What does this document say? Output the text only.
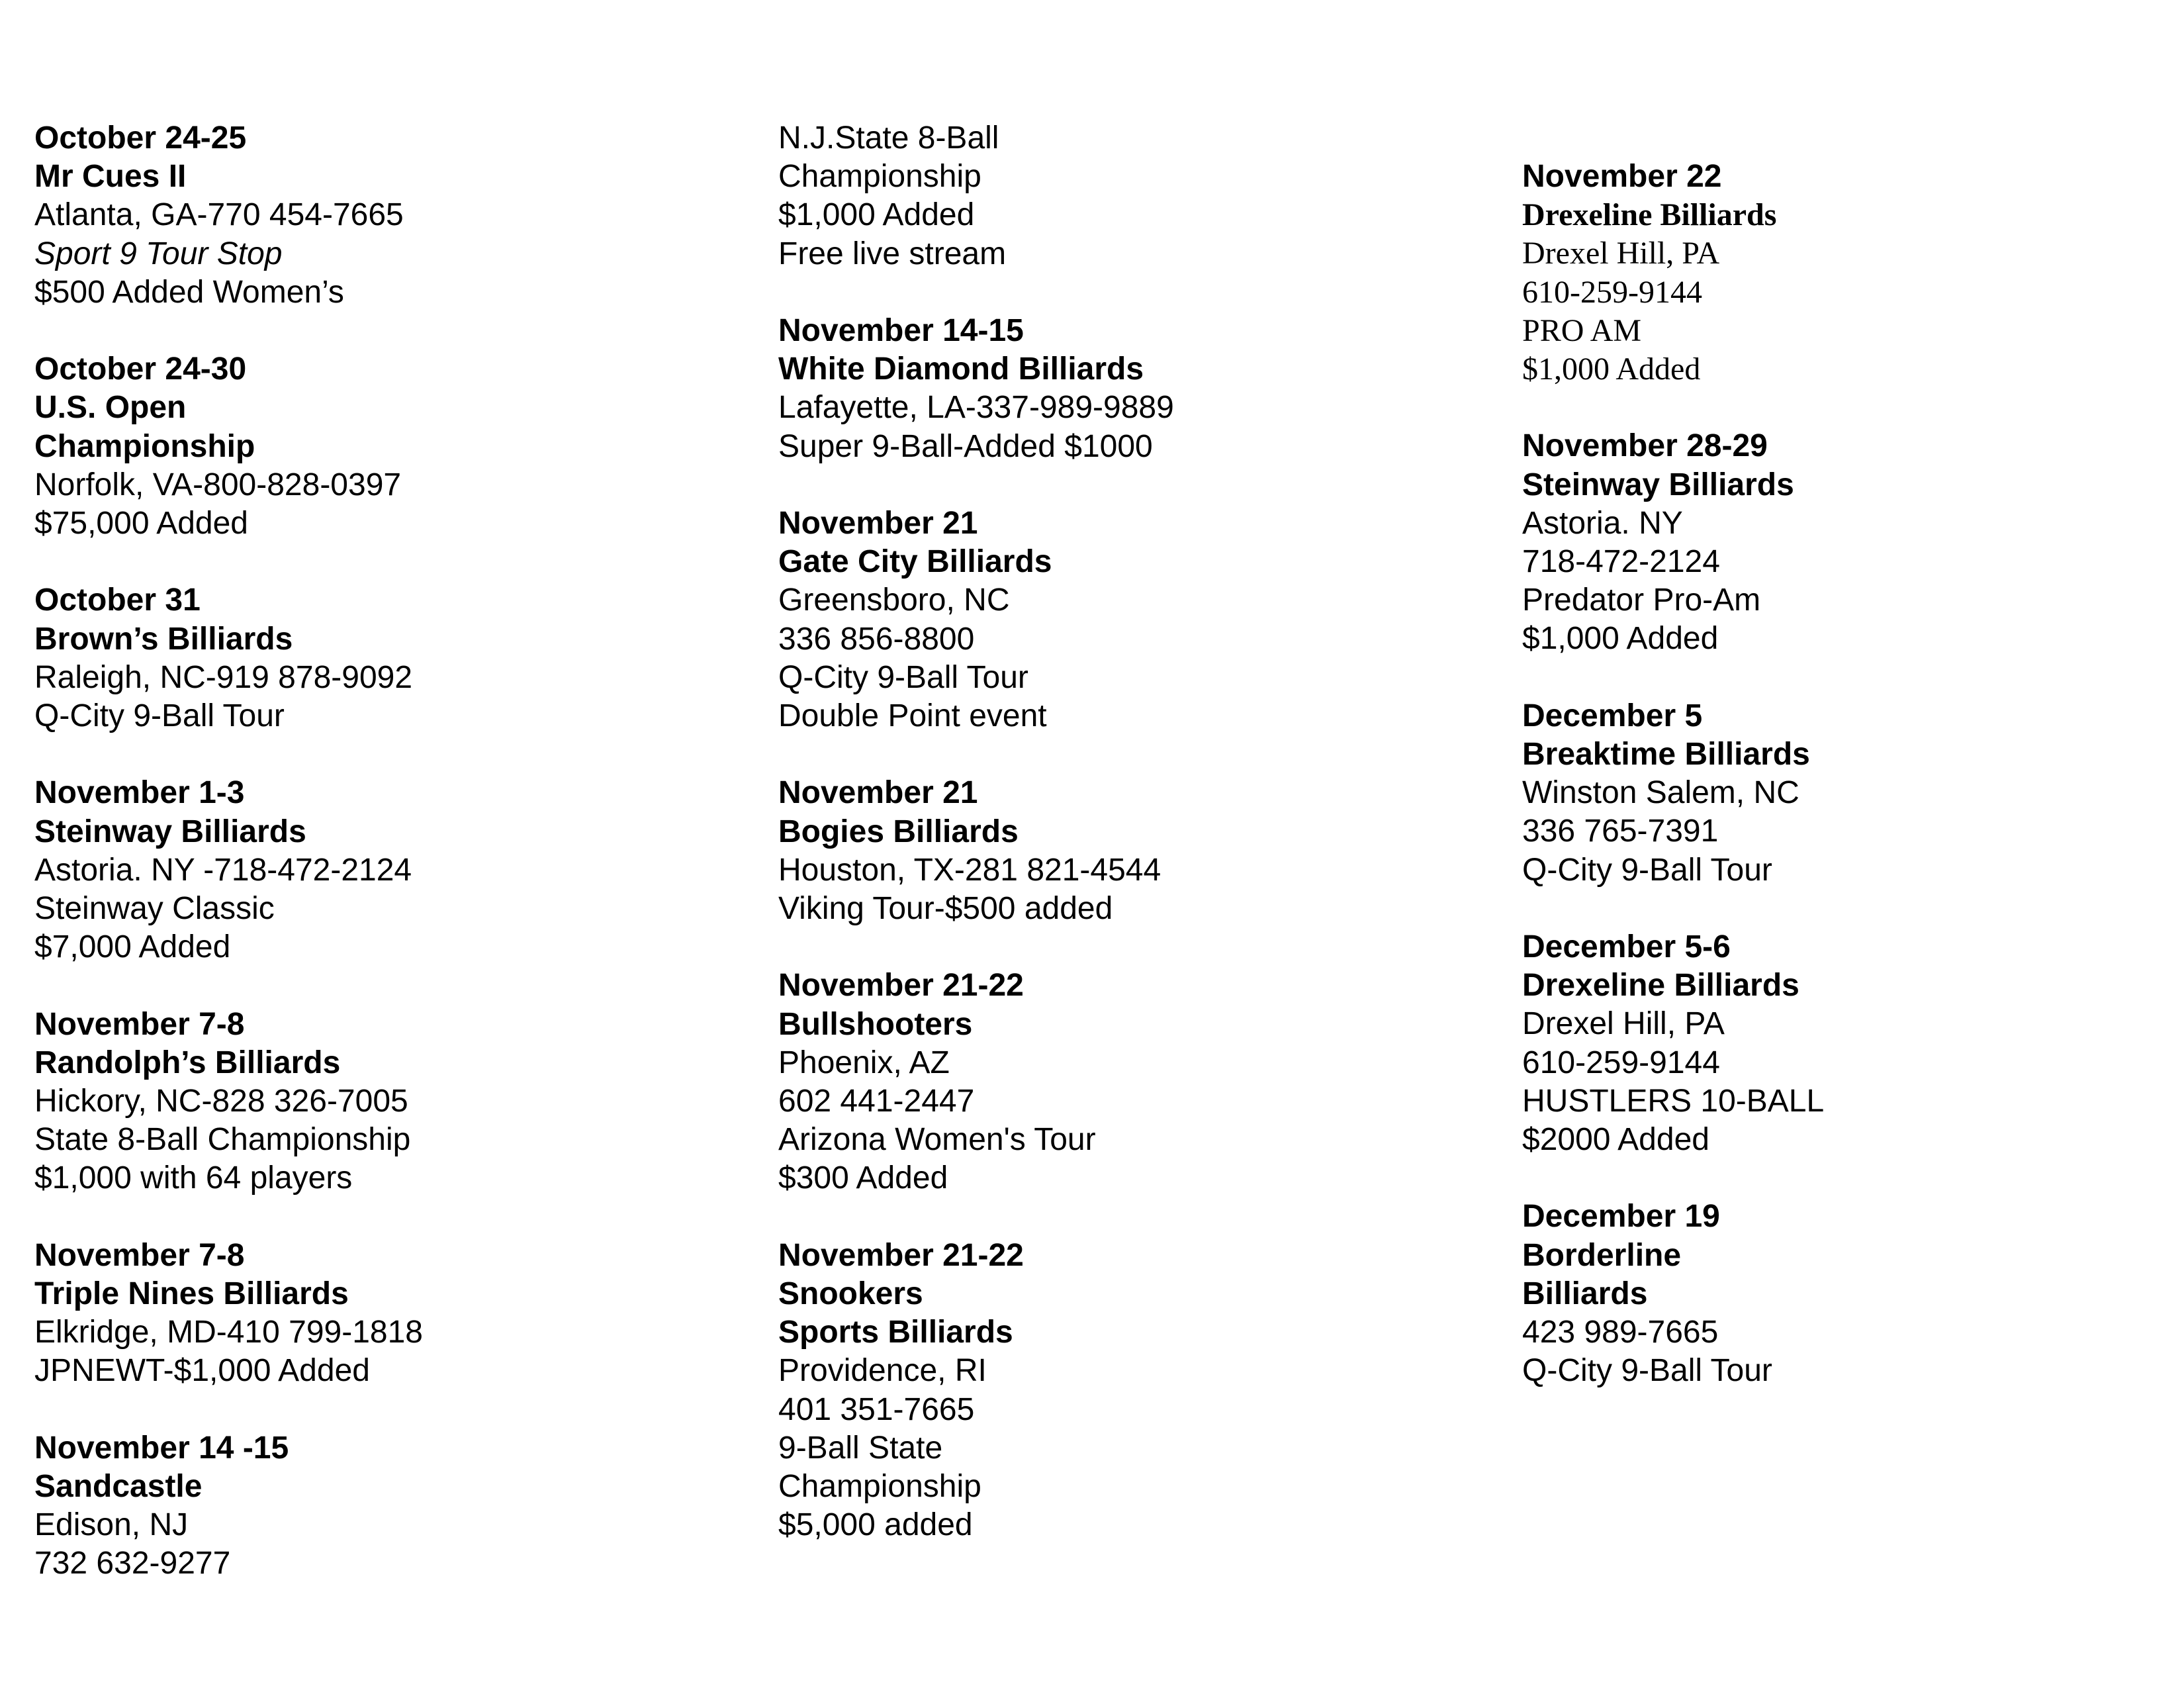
October 24-25
Mr Cues II
Atlanta, GA-770 454-7665
Sport 9 Tour Stop
$500 Added Women’s
October 24-30
U.S. Open
Championship
Norfolk, VA-800-828-0397
$75,000 Added
October 31
Brown’s Billiards
Raleigh, NC-919 878-9092
Q-City 9-Ball Tour
November 1-3
Steinway Billiards
Astoria. NY -718-472-2124
Steinway Classic
$7,000 Added
November 7-8
Randolph’s Billiards
Hickory, NC-828 326-7005
State 8-Ball Championship
$1,000 with 64 players
November 7-8
Triple Nines Billiards
Elkridge, MD-410 799-1818
JPNEWT-$1,000 Added
November 14 -15
Sandcastle
Edison, NJ
732 632-9277
N.J.State 8-Ball
Championship
$1,000 Added
Free live stream
November 14-15
White Diamond Billiards
Lafayette, LA-337-989-9889
Super 9-Ball-Added $1000
November 21
Gate City Billiards
Greensboro, NC
336 856-8800
Q-City 9-Ball Tour
Double Point event
November 21
Bogies Billiards
Houston, TX-281 821-4544
Viking Tour-$500 added
November 21-22
Bullshooters
Phoenix, AZ
602 441-2447
Arizona Women's Tour
$300 Added
November 21-22
Snookers
Sports Billiards
Providence, RI
401 351-7665
9-Ball State
Championship
$5,000 added
November 22
Drexeline Billiards
Drexel Hill, PA
610-259-9144
PRO AM
$1,000 Added
November 28-29
Steinway Billiards
Astoria. NY
718-472-2124
Predator Pro-Am
$1,000 Added
December 5
Breaktime Billiards
Winston Salem, NC
336 765-7391
Q-City 9-Ball Tour
December 5-6
Drexeline Billiards
Drexel Hill, PA
610-259-9144
HUSTLERS 10-BALL
$2000 Added
December 19
Borderline
Billiards
423 989-7665
Q-City 9-Ball Tour
